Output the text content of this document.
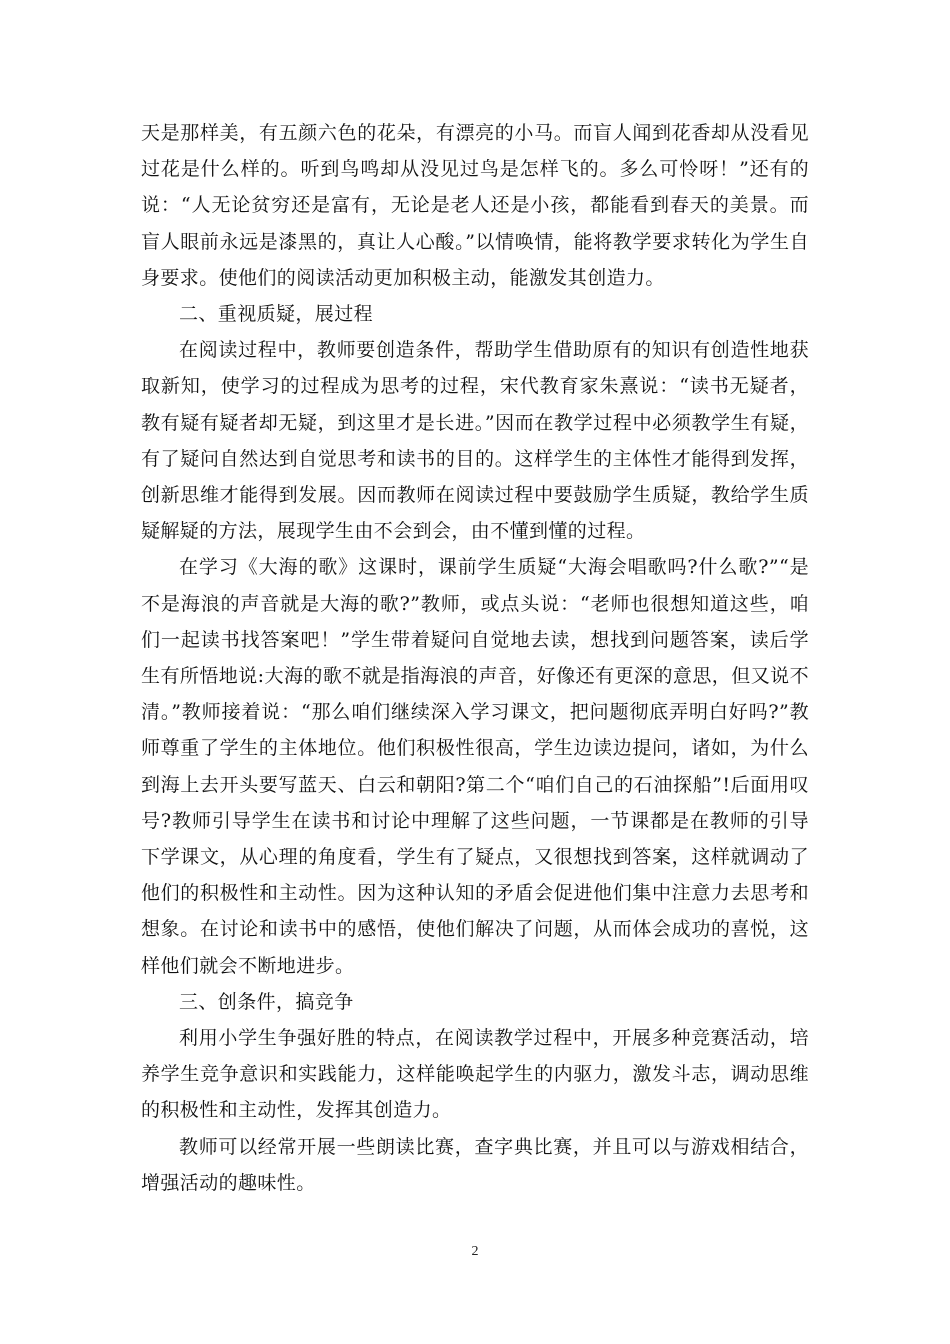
天是那样美，有五颜六色的花朵，有漂亮的小马。而盲人闻到花香却从没看见过花是什么样的。听到鸟鸣却从没见过鸟是怎样飞的。多么可怜呀！”还有的说：“人无论贫穷还是富有，无论是老人还是小孩，都能看到春天的美景。而盲人眼前永远是漆黑的，真让人心酸。”以情唤情，能将教学要求转化为学生自身要求。使他们的阅读活动更加积极主动，能激发其创造力。

二、重视质疑，展过程

在阅读过程中，教师要创造条件，帮助学生借助原有的知识有创造性地获取新知，使学习的过程成为思考的过程，宋代教育家朱熹说：“读书无疑者，教有疑有疑者却无疑，到这里才是长进。”因而在教学过程中必须教学生有疑，有了疑问自然达到自觉思考和读书的目的。这样学生的主体性才能得到发挥，创新思维才能得到发展。因而教师在阅读过程中要鼓励学生质疑，教给学生质疑解疑的方法，展现学生由不会到会，由不懂到懂的过程。

在学习《大海的歌》这课时，课前学生质疑“大海会唱歌吗?什么歌?”“是不是海浪的声音就是大海的歌?”教师，或点头说：“老师也很想知道这些，咱们一起读书找答案吧！”学生带着疑问自觉地去读，想找到问题答案，读后学生有所悟地说:大海的歌不就是指海浪的声音，好像还有更深的意思，但又说不清。”教师接着说：“那么咱们继续深入学习课文，把问题彻底弄明白好吗?”教师尊重了学生的主体地位。他们积极性很高，学生边读边提问，诸如，为什么到海上去开头要写蓝天、白云和朝阳?第二个“咱们自己的石油探船”!后面用叹号?教师引导学生在读书和讨论中理解了这些问题，一节课都是在教师的引导下学课文，从心理的角度看，学生有了疑点，又很想找到答案，这样就调动了他们的积极性和主动性。因为这种认知的矛盾会促进他们集中注意力去思考和想象。在讨论和读书中的感悟，使他们解决了问题，从而体会成功的喜悦，这样他们就会不断地进步。

三、创条件，搞竞争

利用小学生争强好胜的特点，在阅读教学过程中，开展多种竞赛活动，培养学生竞争意识和实践能力，这样能唤起学生的内驱力，激发斗志，调动思维的积极性和主动性，发挥其创造力。

教师可以经常开展一些朗读比赛，查字典比赛，并且可以与游戏相结合，增强活动的趣味性。

2
